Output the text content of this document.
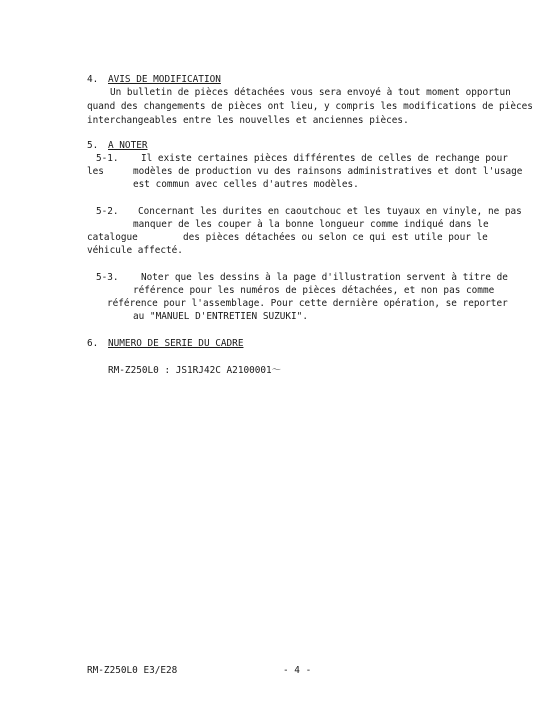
4. AVIS DE MODIFICATION
Un bulletin de pièces détachées vous sera envoyé à tout moment opportun
quand des changements de pièces ont lieu, y compris les modifications de pièces
interchangeables entre les nouvelles et anciennes pièces.
5. A NOTER
5-1. Il existe certaines pièces différentes de celles de rechange pour
les	modèles de production vu des rainsons administratives et dont l'usage
est commun avec celles d'autres modèles.
5-2. Concernant les durites en caoutchouc et les tuyaux en vinyle, ne pas
manquer de les couper à la bonne longueur comme indiqué dans le
catalogue	des pièces détachées ou selon ce qui est utile pour le
véhicule affecté.
5-3. Noter que les dessins à la page d'illustration servent à titre de
référence pour les numéros de pièces détachées, et non pas comme
référence pour l'assemblage. Pour cette dernière opération, se reporter
au "MANUEL D'ENTRETIEN SUZUKI".
6. NUMERO DE SERIE DU CADRE
RM-Z250L0 : JS1RJ42C A2100001～
RM-Z250L0 E3/E28	- 4 -
